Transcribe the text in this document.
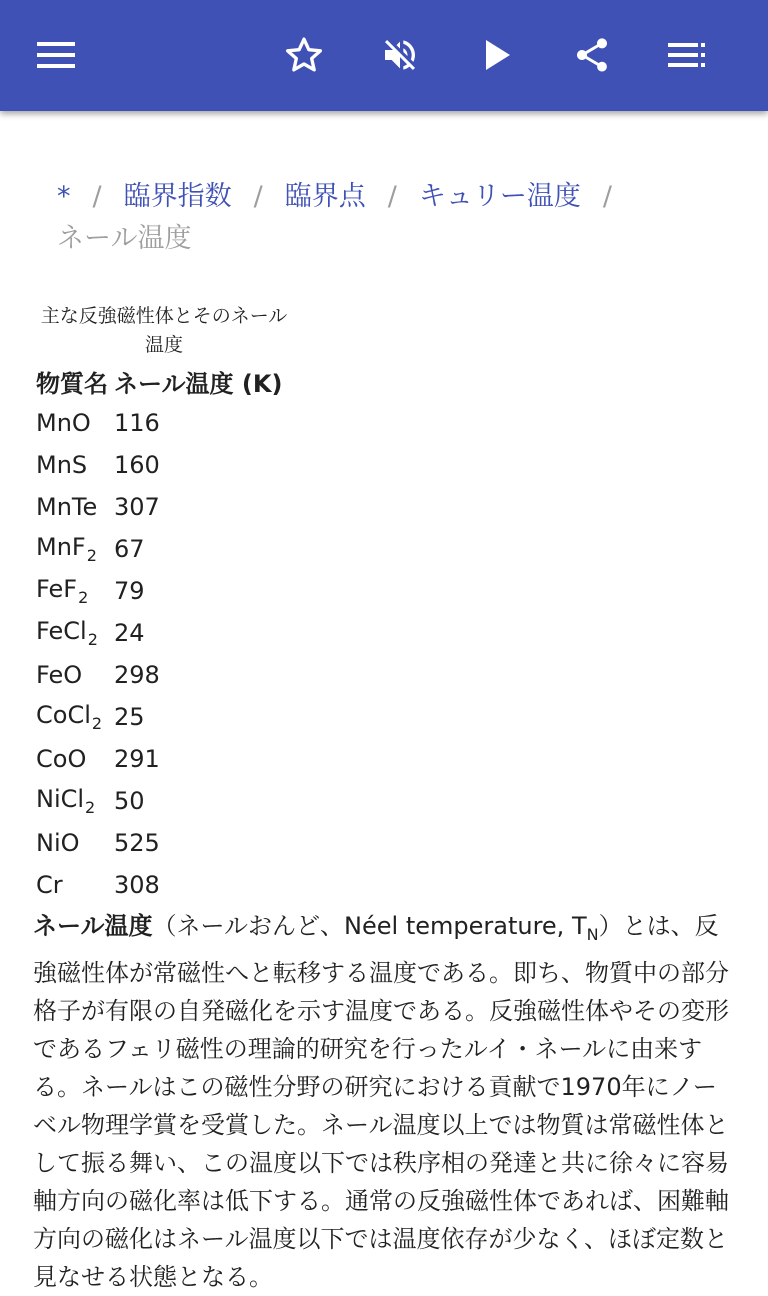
* / 臨界指数 / 臨界点 / キュリー温度 /
ネール温度
主な反強磁性体とそのネール温度
物質名	ネール温度 (K)
MnO	116
MnS	160
MnTe	307
MnF$_2$	67
FeF$_2$	79
FeCl$_2$	24
FeO	298
CoCl$_2$	25
CoO	291
NiCl$_2$	50
NiO	525
Cr	308
ネール温度（ネールおんど、Néel temperature, $T_N$）とは、反強磁性体が常磁性へと転移する温度である。即ち、物質中の部分格子が有限の自発磁化を示す温度である。反強磁性体やその変形であるフェリ磁性の理論的研究を行ったルイ・ネールに由来する。ネールはこの磁性分野の研究における貢献で1970年にノーベル物理学賞を受賞した。ネール温度以上では物質は常磁性体として振る舞い、この温度以下では秩序相の発達と共に徐々に容易軸方向の磁化率は低下する。通常の反強磁性体であれば、困難軸方向の磁化はネール温度以下では温度依存が少なく、ほぼ定数と見なせる状態となる。
